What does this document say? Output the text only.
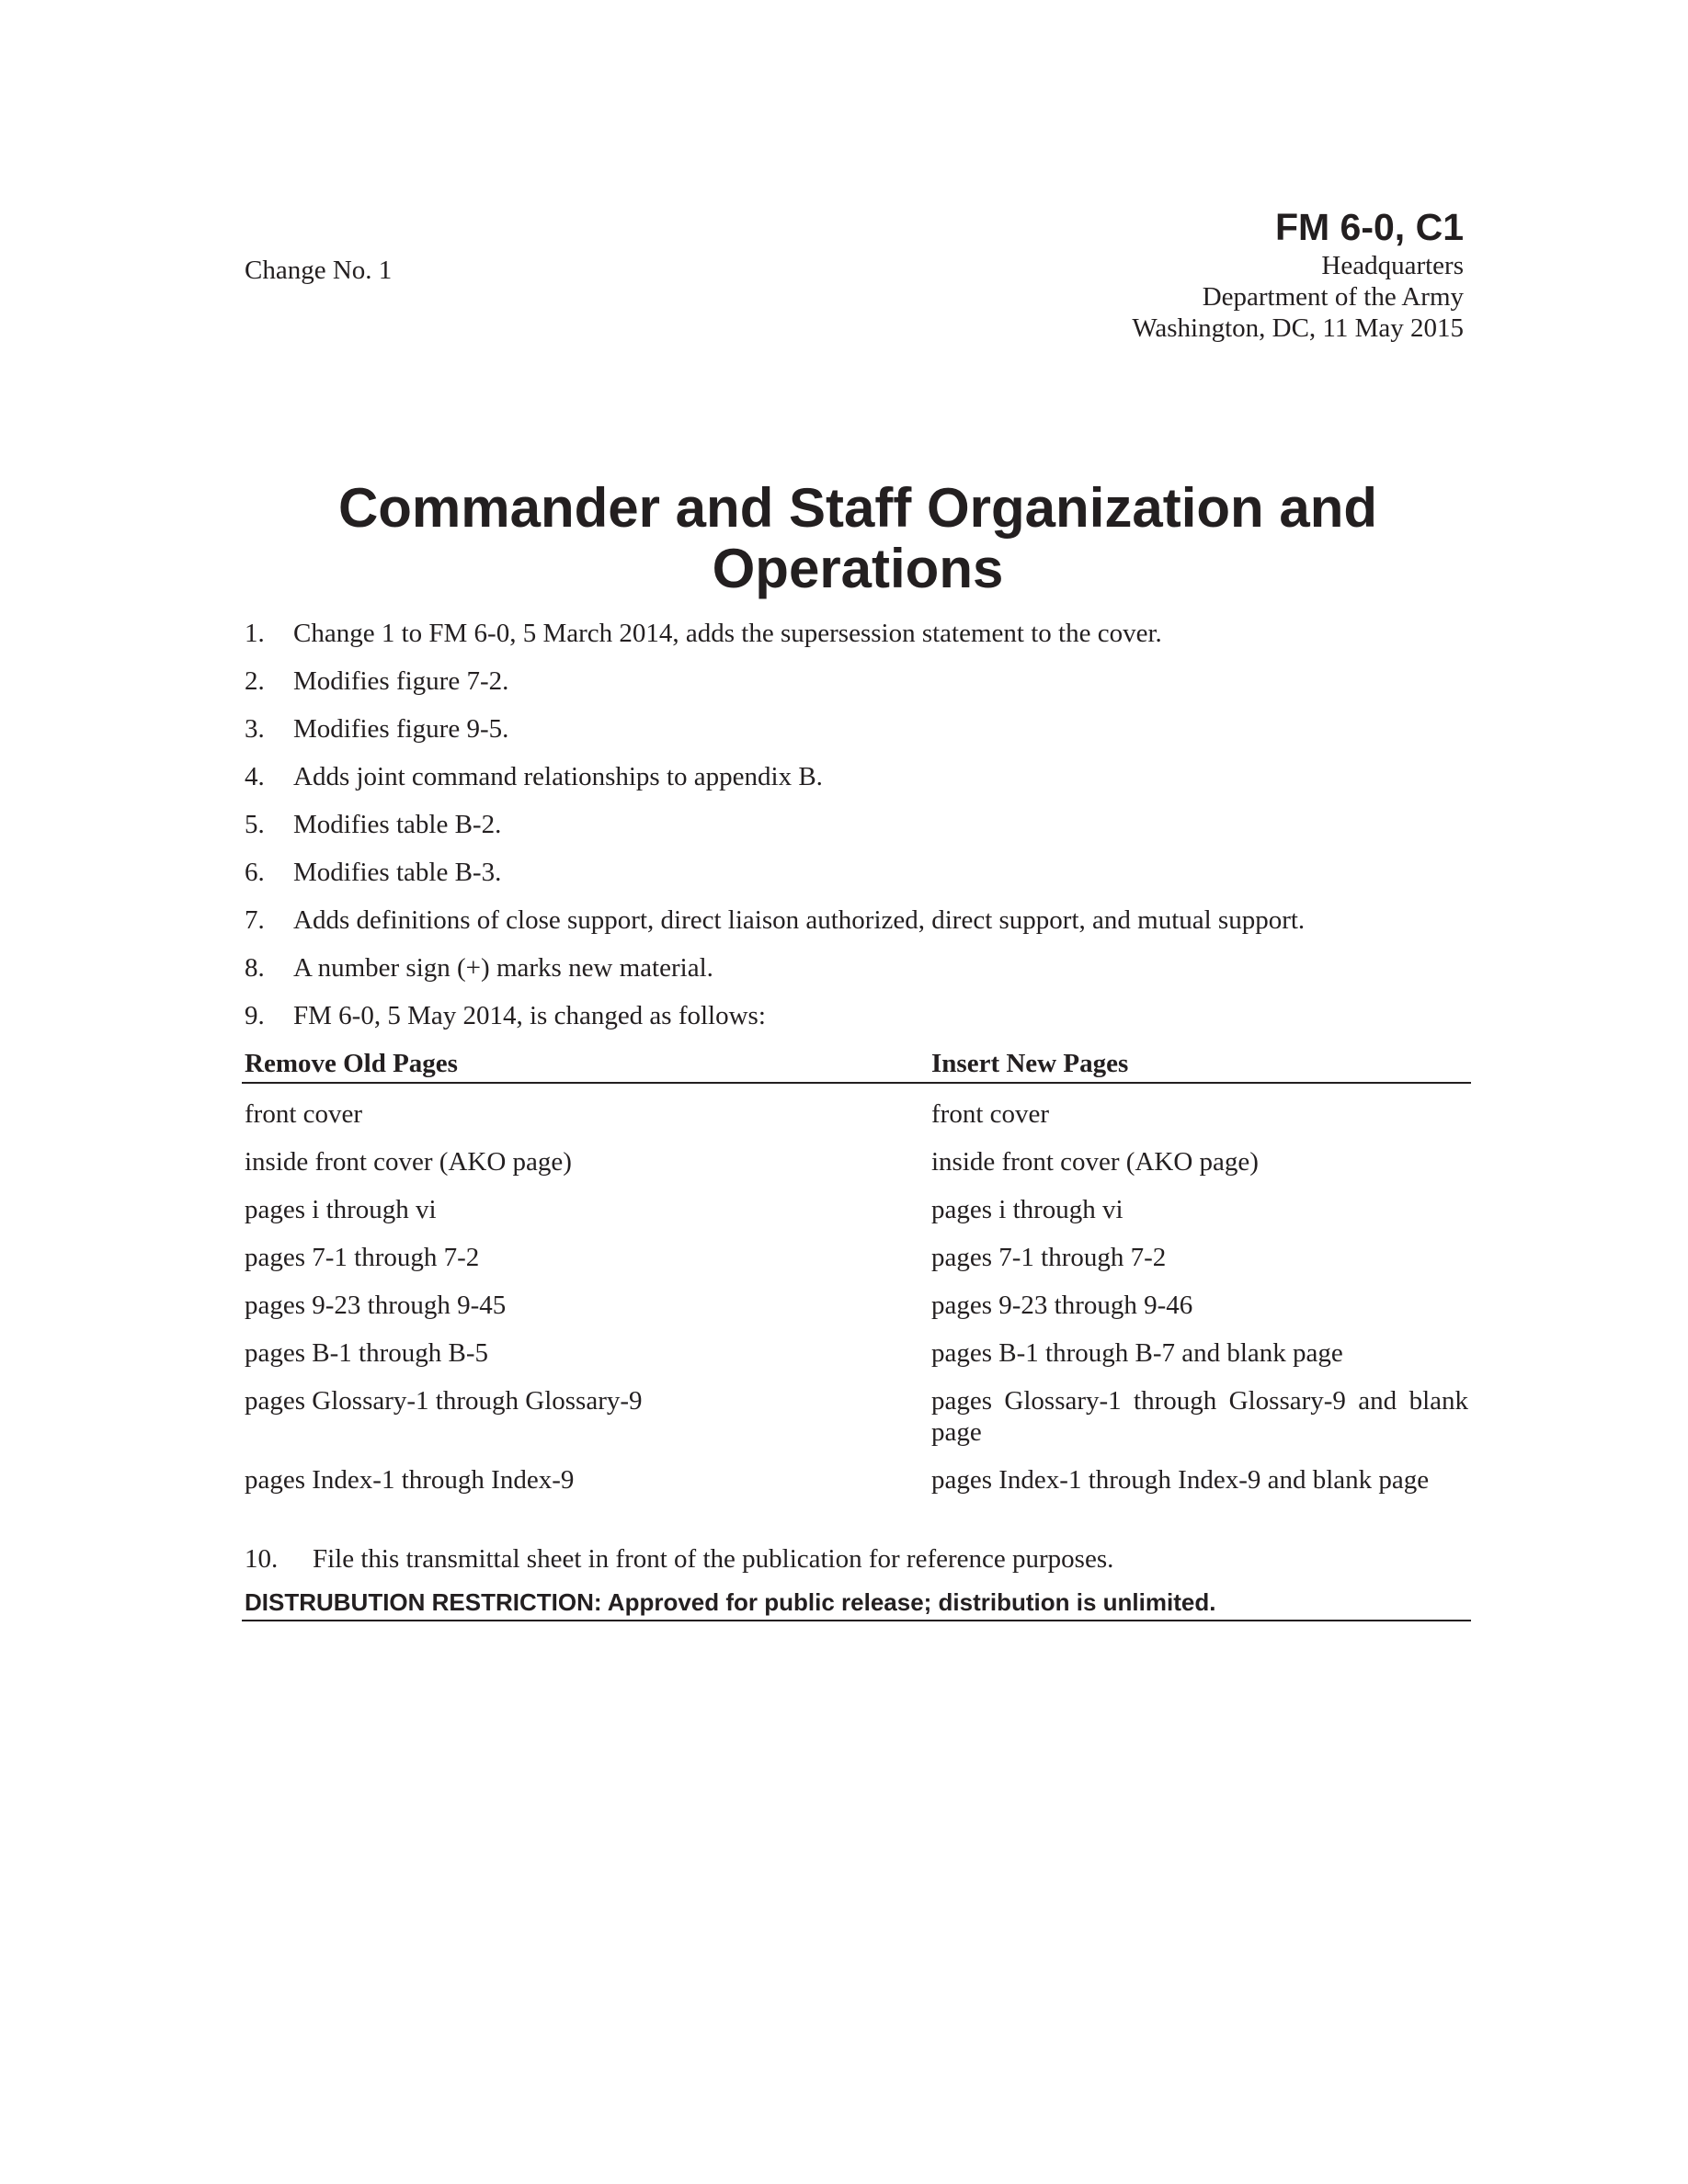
Change No. 1
FM 6-0, C1
Headquarters
Department of the Army
Washington, DC, 11 May 2015
Commander and Staff Organization and
Operations
1. Change 1 to FM 6-0, 5 March 2014, adds the supersession statement to the cover.
2. Modifies figure 7-2.
3. Modifies figure 9-5.
4. Adds joint command relationships to appendix B.
5. Modifies table B-2.
6. Modifies table B-3.
7. Adds definitions of close support, direct liaison authorized, direct support, and mutual support.
8. A number sign (+) marks new material.
9. FM 6-0, 5 May 2014, is changed as follows:
Remove Old Pages	Insert New Pages
front cover	front cover
inside front cover (AKO page)	inside front cover (AKO page)
pages i through vi	pages i through vi
pages 7-1 through 7-2	pages 7-1 through 7-2
pages 9-23 through 9-45	pages 9-23 through 9-46
pages B-1 through B-5	pages B-1 through B-7 and blank page
pages Glossary-1 through Glossary-9	pages Glossary-1 through Glossary-9 and blank page
pages Index-1 through Index-9	pages Index-1 through Index-9 and blank page
10. File this transmittal sheet in front of the publication for reference purposes.
DISTRUBUTION RESTRICTION: Approved for public release; distribution is unlimited.
